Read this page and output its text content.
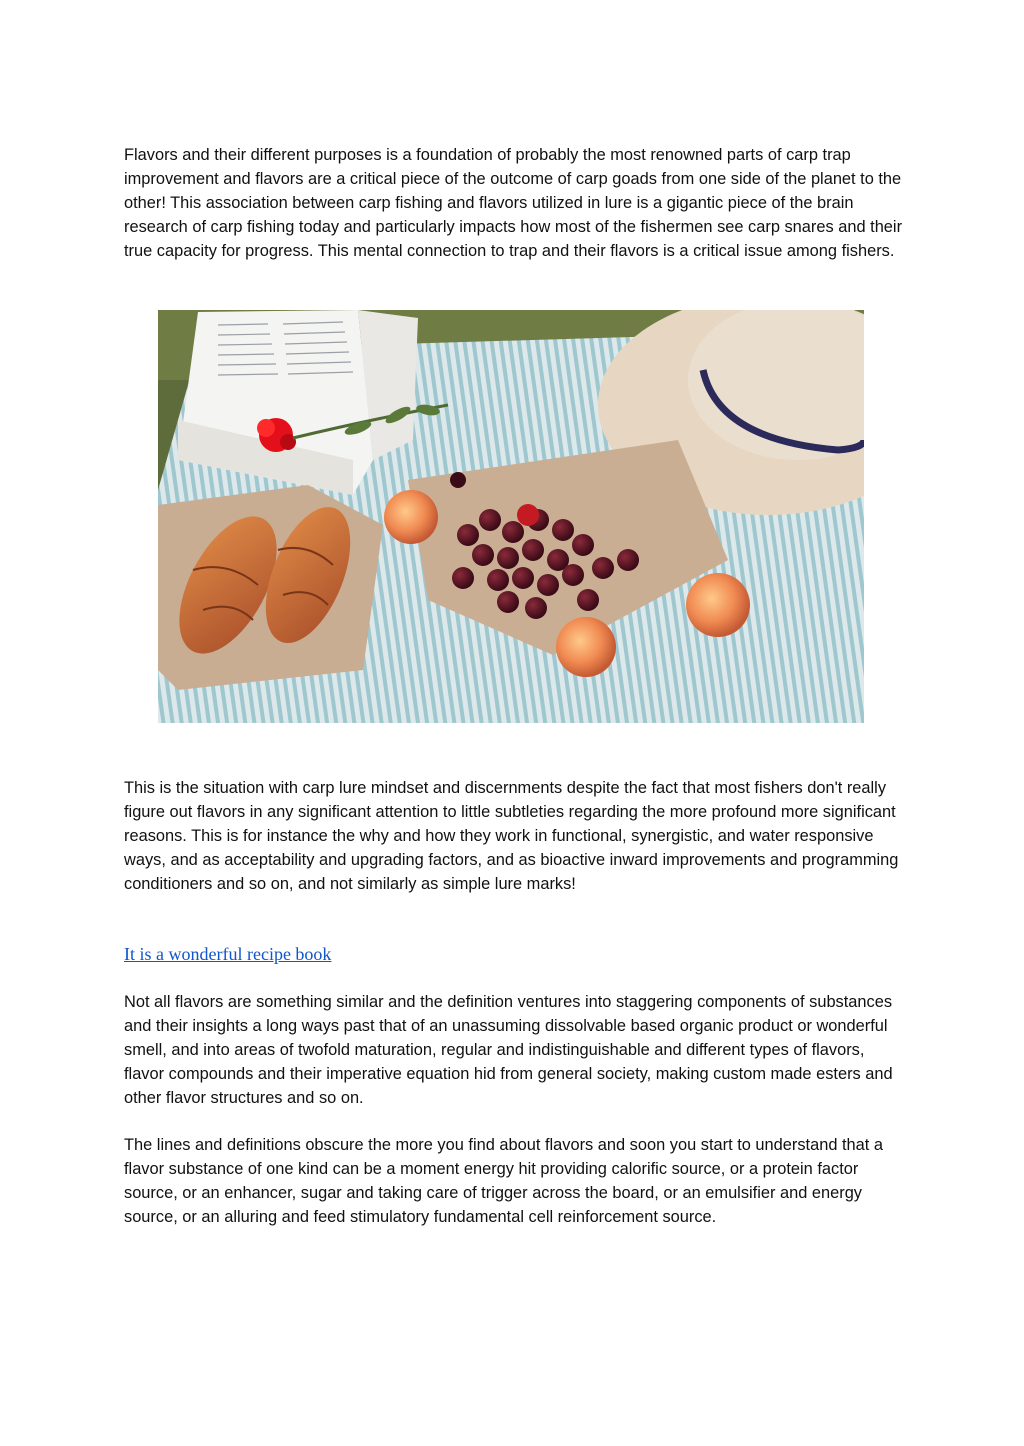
Flavors and their different purposes is a foundation of probably the most renowned parts of carp trap improvement and flavors are a critical piece of the outcome of carp goads from one side of the planet to the other! This association between carp fishing and flavors utilized in lure is a gigantic piece of the brain research of carp fishing today and particularly impacts how most of the fishermen see carp snares and their true capacity for progress. This mental connection to trap and their flavors is a critical issue among fishers.

This is the situation with carp lure mindset and discernments despite the fact that most fishers don't really figure out flavors in any significant attention to little subtleties regarding the more profound more significant reasons. This is for instance the why and how they work in functional, synergistic, and water responsive ways, and as acceptability and upgrading factors, and as bioactive inward improvements and programming conditioners and so on, and not similarly as simple lure marks!

It is a wonderful recipe book

Not all flavors are something similar and the definition ventures into staggering components of substances and their insights a long ways past that of an unassuming dissolvable based organic product or wonderful smell, and into areas of twofold maturation, regular and indistinguishable and different types of flavors, flavor compounds and their imperative equation hid from general society, making custom made esters and other flavor structures and so on.

The lines and definitions obscure the more you find about flavors and soon you start to understand that a flavor substance of one kind can be a moment energy hit providing calorific source, or a protein factor source, or an enhancer, sugar and taking care of trigger across the board, or an emulsifier and energy source, or an alluring and feed stimulatory fundamental cell reinforcement source.
